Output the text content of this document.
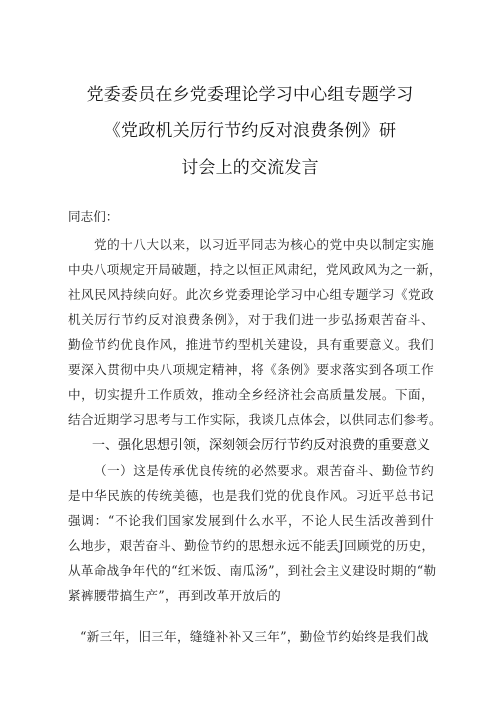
党委委员在乡党委理论学习中心组专题学习
《党政机关厉行节约反对浪费条例》研
讨会上的交流发言
同志们：
党的十八大以来，以习近平同志为核心的党中央以制定实施
中央八项规定开局破题，持之以恒正风肃纪，党风政风为之一新，
社风民风持续向好。此次乡党委理论学习中心组专题学习《党政
机关厉行节约反对浪费条例》，对于我们进一步弘扬艰苦奋斗、
勤俭节约优良作风，推进节约型机关建设，具有重要意义。我们
要深入贯彻中央八项规定精神，将《条例》要求落实到各项工作
中，切实提升工作质效，推动全乡经济社会高质量发展。下面，
结合近期学习思考与工作实际，我谈几点体会，以供同志们参考。
一、强化思想引领，深刻领会厉行节约反对浪费的重要意义
（一）这是传承优良传统的必然要求。艰苦奋斗、勤俭节约
是中华民族的传统美德，也是我们党的优良作风。习近平总书记
强调：“不论我们国家发展到什么水平，不论人民生活改善到什
么地步，艰苦奋斗、勤俭节约的思想永远不能丢J回顾党的历史，
从革命战争年代的“红米饭、南瓜汤”，到社会主义建设时期的“勒
紧裤腰带搞生产”，再到改革开放后的
“新三年，旧三年，缝缝补补又三年”，勤俭节约始终是我们战
